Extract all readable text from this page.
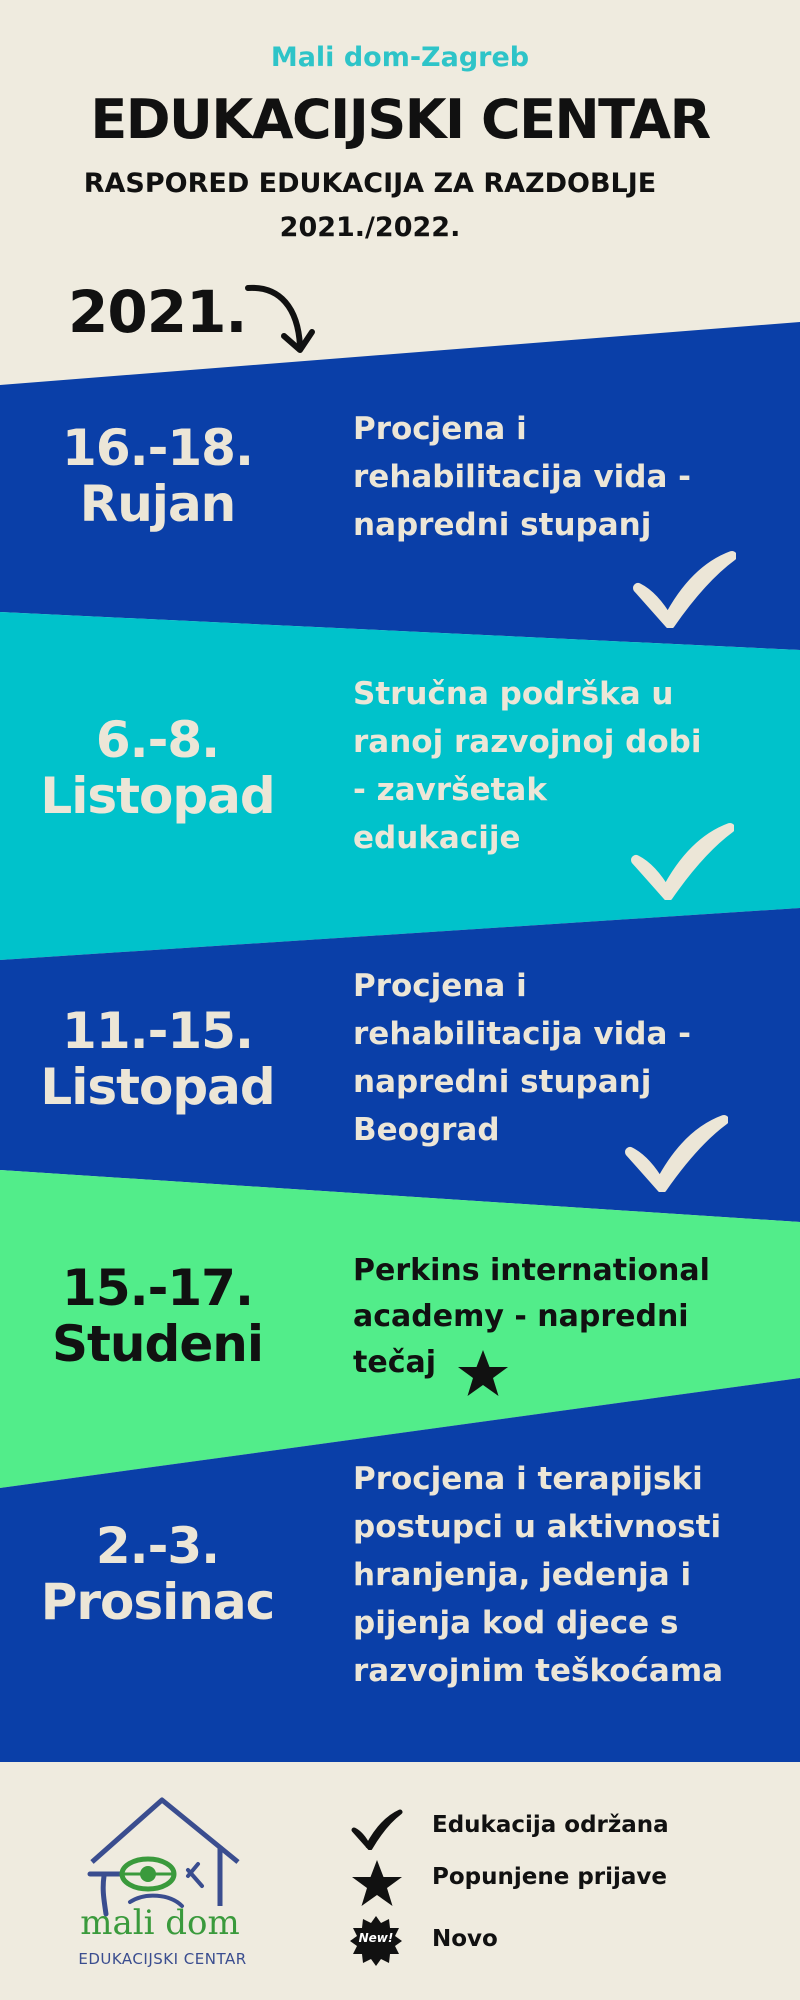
Mali dom-Zagreb
EDUKACIJSKI CENTAR
RASPORED EDUKACIJA ZA RAZDOBLJE
2021./2022.
2021.
16.-18.
Rujan
Procjena i
rehabilitacija vida -
napredni stupanj
6.-8.
Listopad
Stručna podrška u
ranoj razvojnoj dobi
- završetak
edukacije
11.-15.
Listopad
Procjena i
rehabilitacija vida -
napredni stupanj
Beograd
15.-17.
Studeni
Perkins international
academy - napredni
tečaj
2.-3.
Prosinac
Procjena i terapijski
postupci u aktivnosti
hranjenja, jedenja i
pijenja kod djece s
razvojnim teškoćama
mali dom
EDUKACIJSKI CENTAR
Edukacija održana
Popunjene prijave
New!	Novo
